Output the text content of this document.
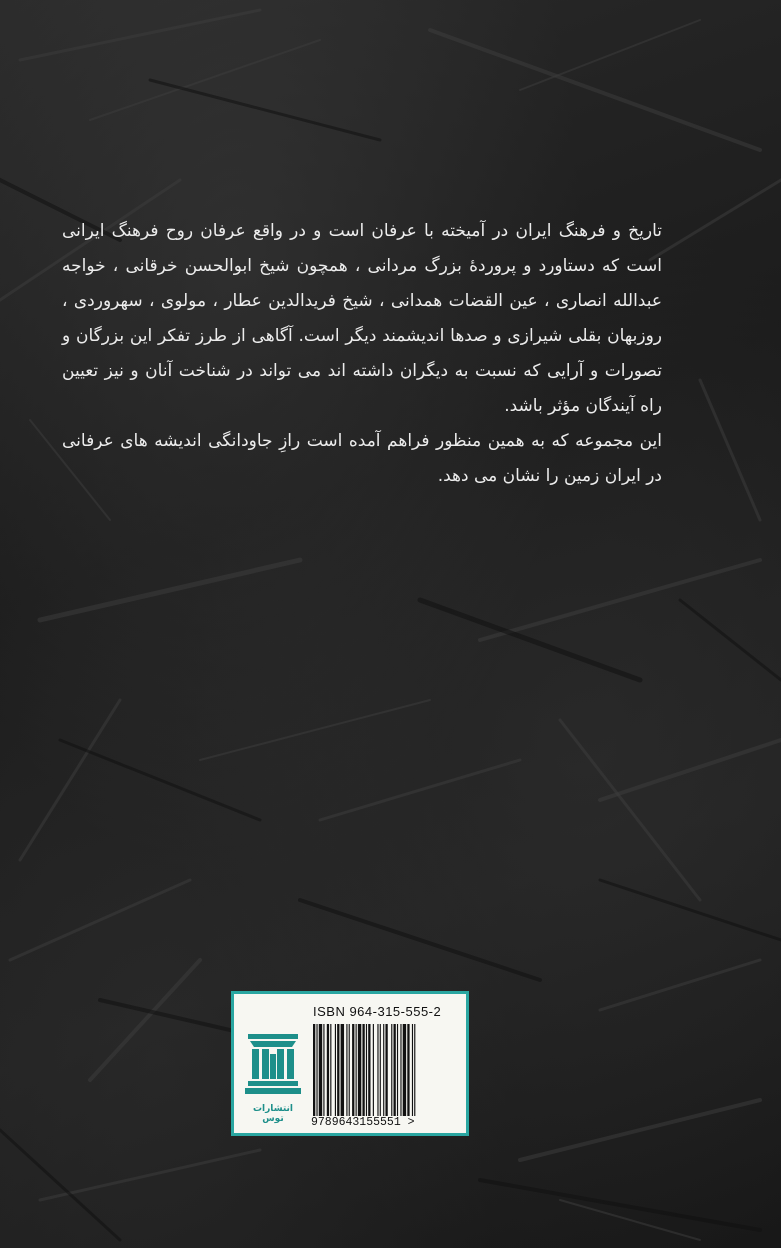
تاریخ و فرهنگ ایران در آمیخته با عرفان است و در واقع عرفان روح فرهنگ ایرانی است که دستاورد و پروردهٔ بزرگ مردانی ، همچون شیخ ابوالحسن خرقانی ، خواجه عبدالله انصاری ، عین القضات همدانی ، شیخ فریدالدین عطار ، مولوی ، سهروردی ، روزبهان بقلی شیرازی و صدها اندیشمند دیگر است. آگاهی از طرز تفکر این بزرگان و تصورات و آرایی که نسبت به دیگران داشته اند می تواند در شناخت آنان و نیز تعیین راه آیندگان مؤثر باشد.

این مجموعه که به همین منظور فراهم آمده است رازِ جاودانگی اندیشه های عرفانی در ایران زمین را نشان می دهد.

انتشارات توس
ISBN 964-315-555-2
9789643155551 >
